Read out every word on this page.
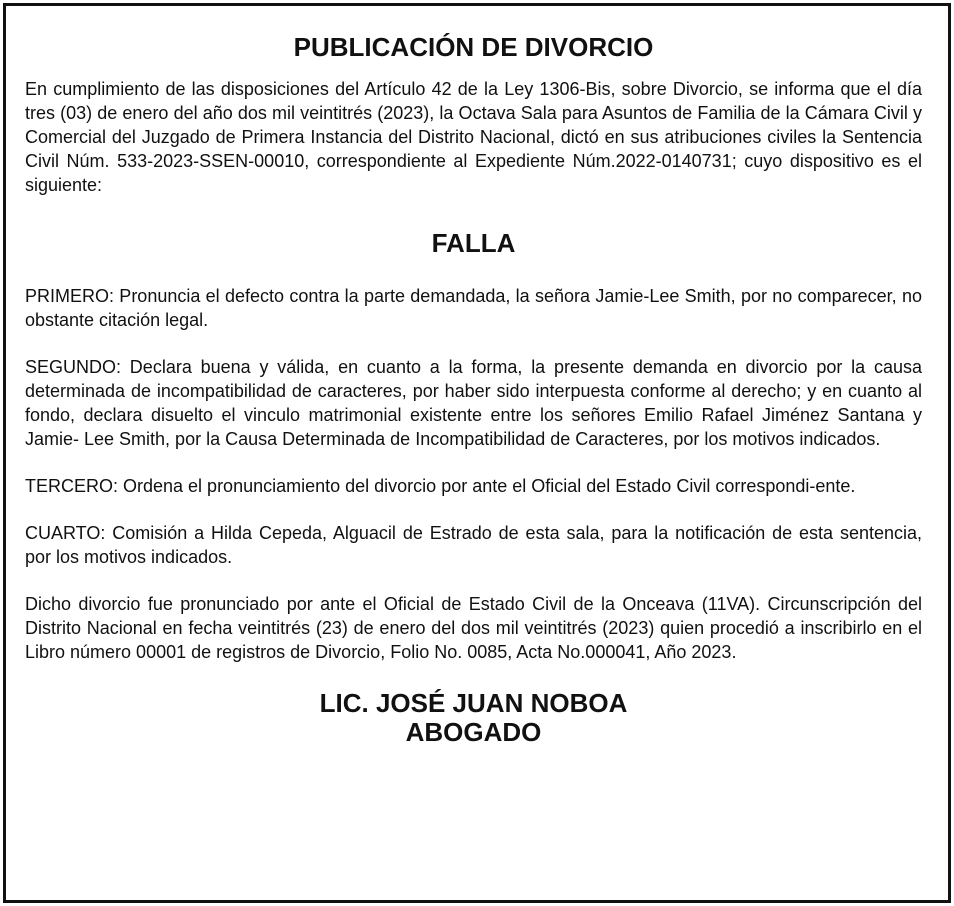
PUBLICACIÓN DE DIVORCIO

En cumplimiento de las disposiciones del Artículo 42 de la Ley 1306-Bis, sobre Divorcio, se informa que el día tres (03) de enero del año dos mil veintitrés (2023), la Octava Sala para Asuntos de Familia de la Cámara Civil y Comercial del Juzgado de Primera Instancia del Distrito Nacional, dictó en sus atribuciones civiles la Sentencia Civil Núm. 533-2023-SSEN-00010, correspondiente al Expediente Núm.2022-0140731; cuyo dispositivo es el siguiente:

FALLA

PRIMERO: Pronuncia el defecto contra la parte demandada, la señora Jamie-Lee Smith, por no comparecer, no obstante citación legal.

SEGUNDO: Declara buena y válida, en cuanto a la forma, la presente demanda en divorcio por la causa determinada de incompatibilidad de caracteres, por haber sido interpuesta conforme al derecho; y en cuanto al fondo, declara disuelto el vinculo matrimonial existente entre los señores Emilio Rafael Jiménez Santana y Jamie- Lee Smith, por la Causa Determinada de Incompatibilidad de Caracteres, por los motivos indicados.

TERCERO: Ordena el pronunciamiento del divorcio por ante el Oficial del Estado Civil correspondi-ente.

CUARTO: Comisión a Hilda Cepeda, Alguacil de Estrado de esta sala, para la notificación de esta sentencia, por los motivos indicados.

Dicho divorcio fue pronunciado por ante el Oficial de Estado Civil de la Onceava (11VA). Circunscripción del Distrito Nacional en fecha veintitrés (23) de enero del dos mil veintitrés (2023) quien procedió a inscribirlo en el Libro número 00001 de registros de Divorcio, Folio No. 0085, Acta No.000041, Año 2023.

LIC. JOSÉ JUAN NOBOA
ABOGADO
